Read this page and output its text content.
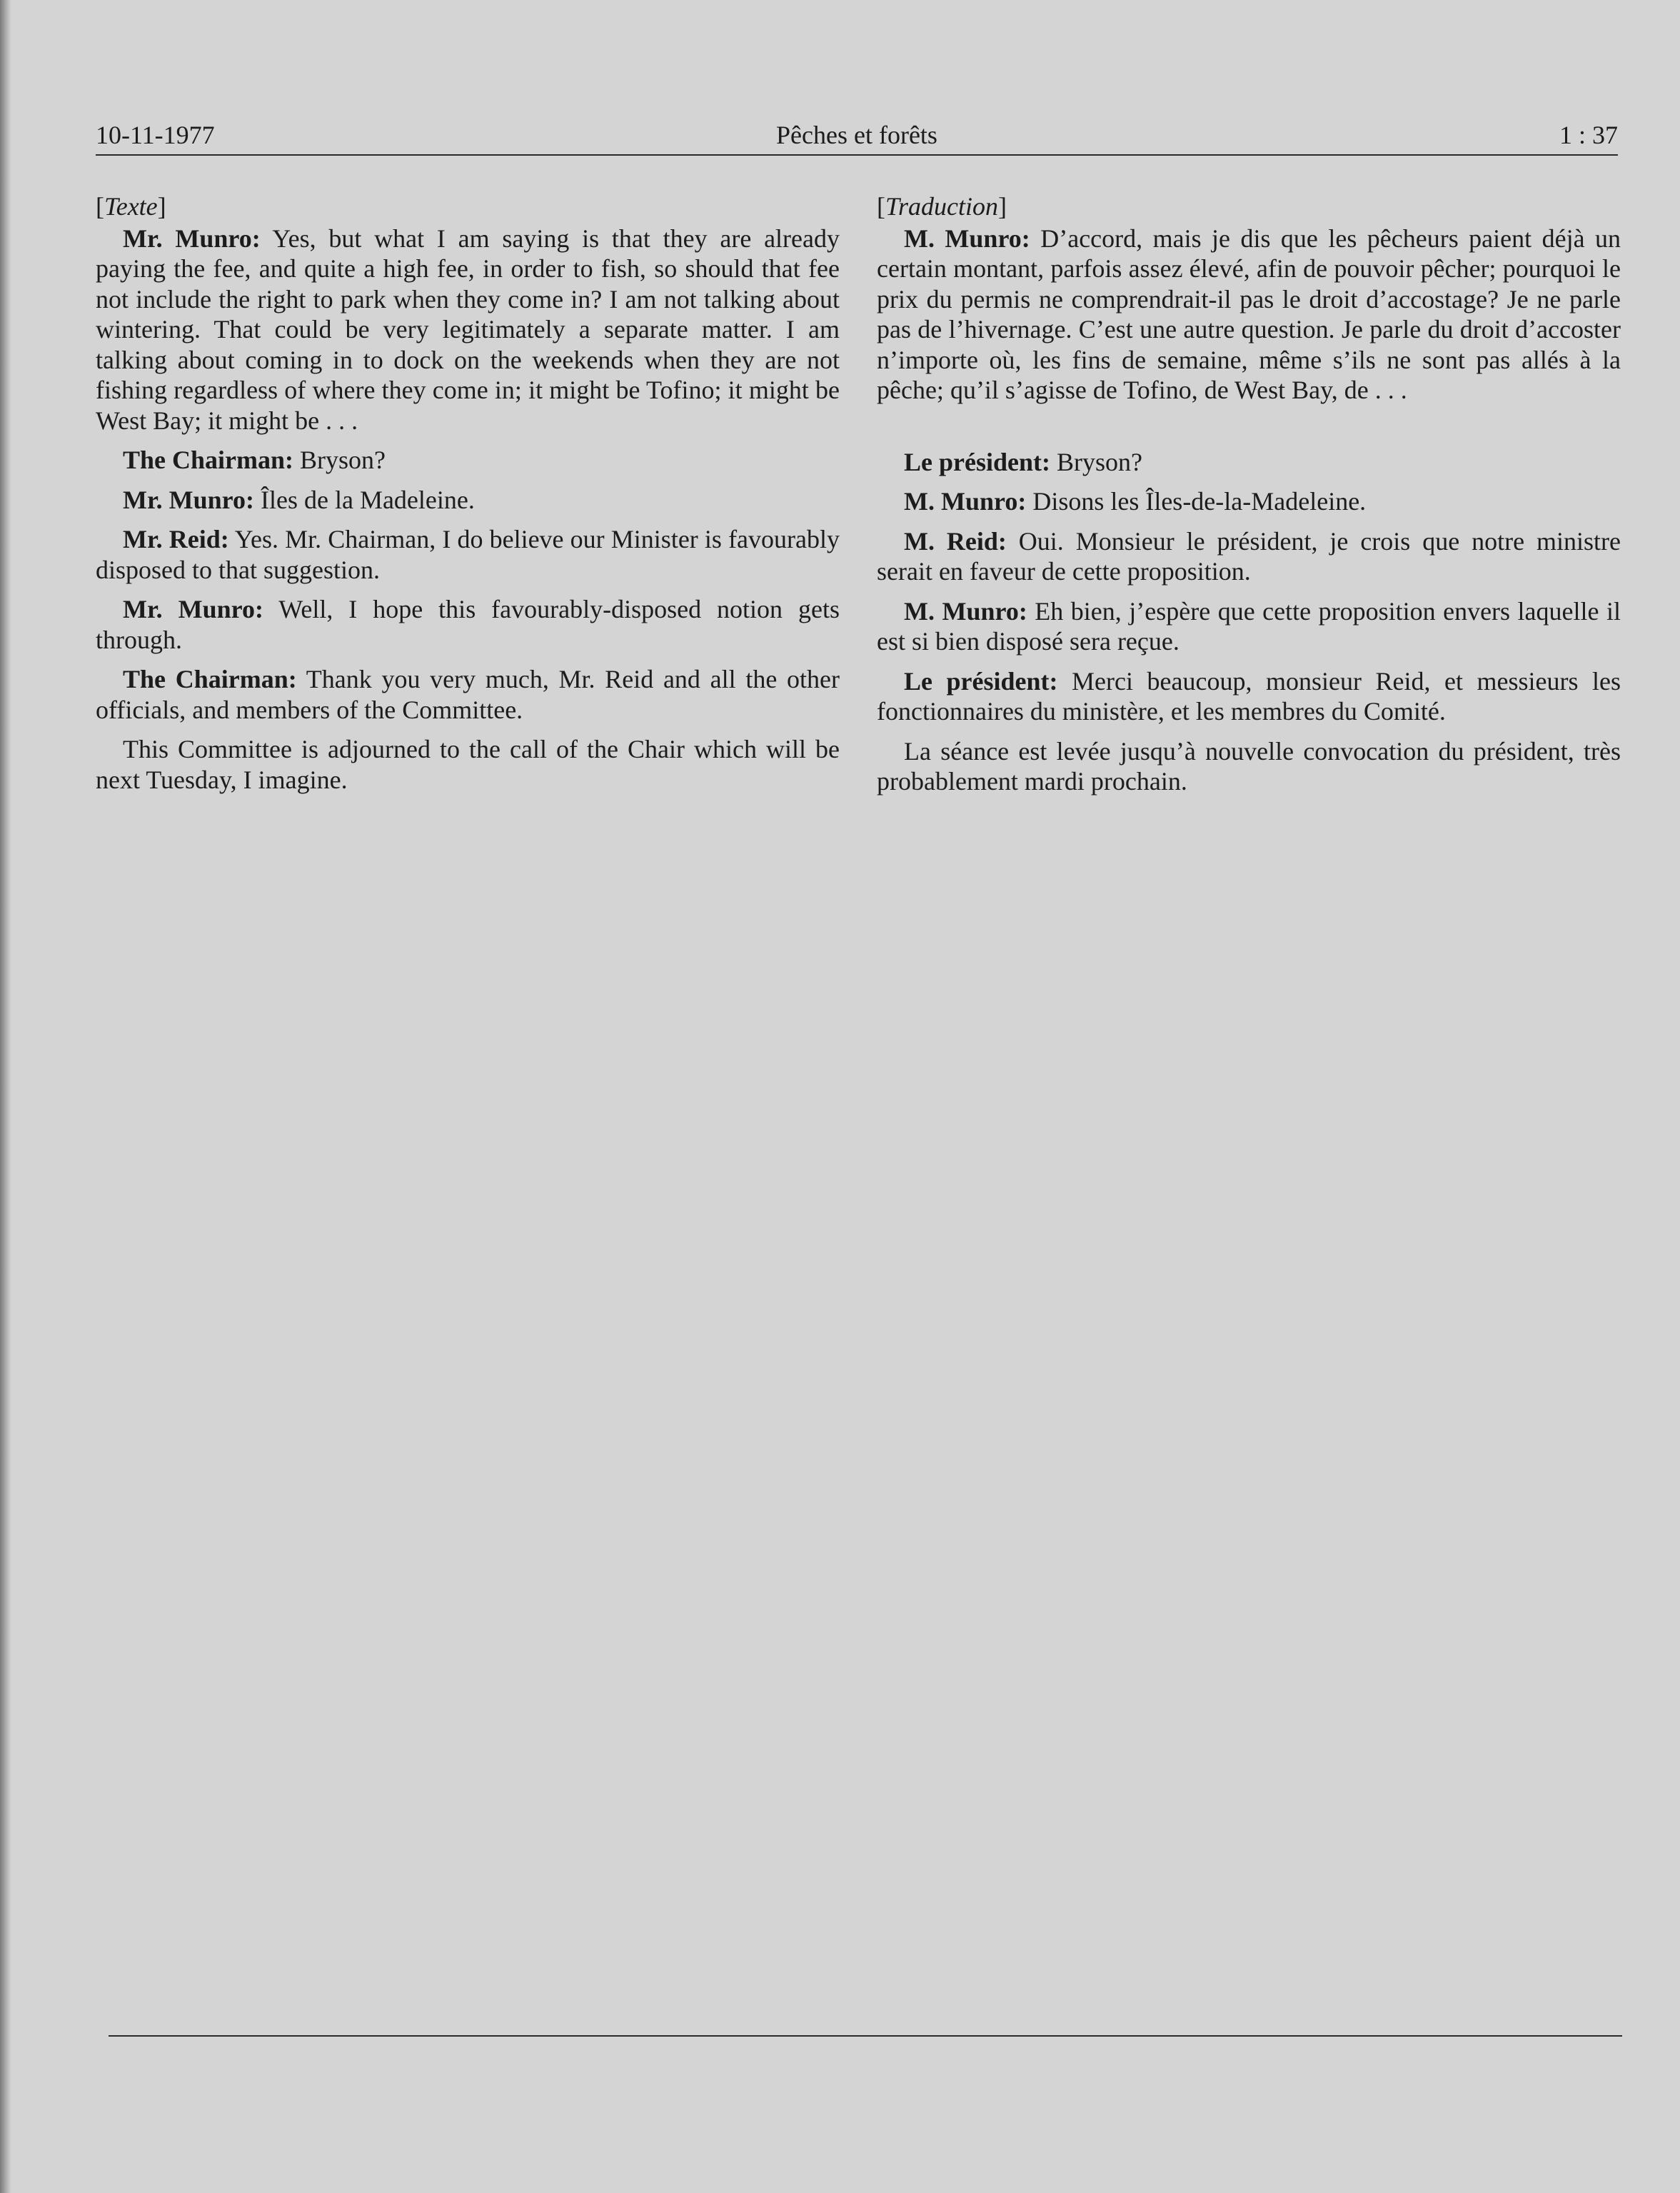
10-11-1977	Pêches et forêts	1 : 37

[Texte]

Mr. Munro: Yes, but what I am saying is that they are already paying the fee, and quite a high fee, in order to fish, so should that fee not include the right to park when they come in? I am not talking about wintering. That could be very legitimately a separate matter. I am talking about coming in to dock on the weekends when they are not fishing regardless of where they come in; it might be Tofino; it might be West Bay; it might be . . .

The Chairman: Bryson?

Mr. Munro: Îles de la Madeleine.

Mr. Reid: Yes. Mr. Chairman, I do believe our Minister is favourably disposed to that suggestion.

Mr. Munro: Well, I hope this favourably-disposed notion gets through.

The Chairman: Thank you very much, Mr. Reid and all the other officials, and members of the Committee.

This Committee is adjourned to the call of the Chair which will be next Tuesday, I imagine.

[Traduction]

M. Munro: D’accord, mais je dis que les pêcheurs paient déjà un certain montant, parfois assez élevé, afin de pouvoir pêcher; pourquoi le prix du permis ne comprendrait-il pas le droit d’accostage? Je ne parle pas de l’hivernage. C’est une autre question. Je parle du droit d’accoster n’importe où, les fins de semaine, même s’ils ne sont pas allés à la pêche; qu’il s’agisse de Tofino, de West Bay, de . . .

Le président: Bryson?

M. Munro: Disons les Îles-de-la-Madeleine.

M. Reid: Oui. Monsieur le président, je crois que notre ministre serait en faveur de cette proposition.

M. Munro: Eh bien, j’espère que cette proposition envers laquelle il est si bien disposé sera reçue.

Le président: Merci beaucoup, monsieur Reid, et messieurs les fonctionnaires du ministère, et les membres du Comité.

La séance est levée jusqu’à nouvelle convocation du président, très probablement mardi prochain.
